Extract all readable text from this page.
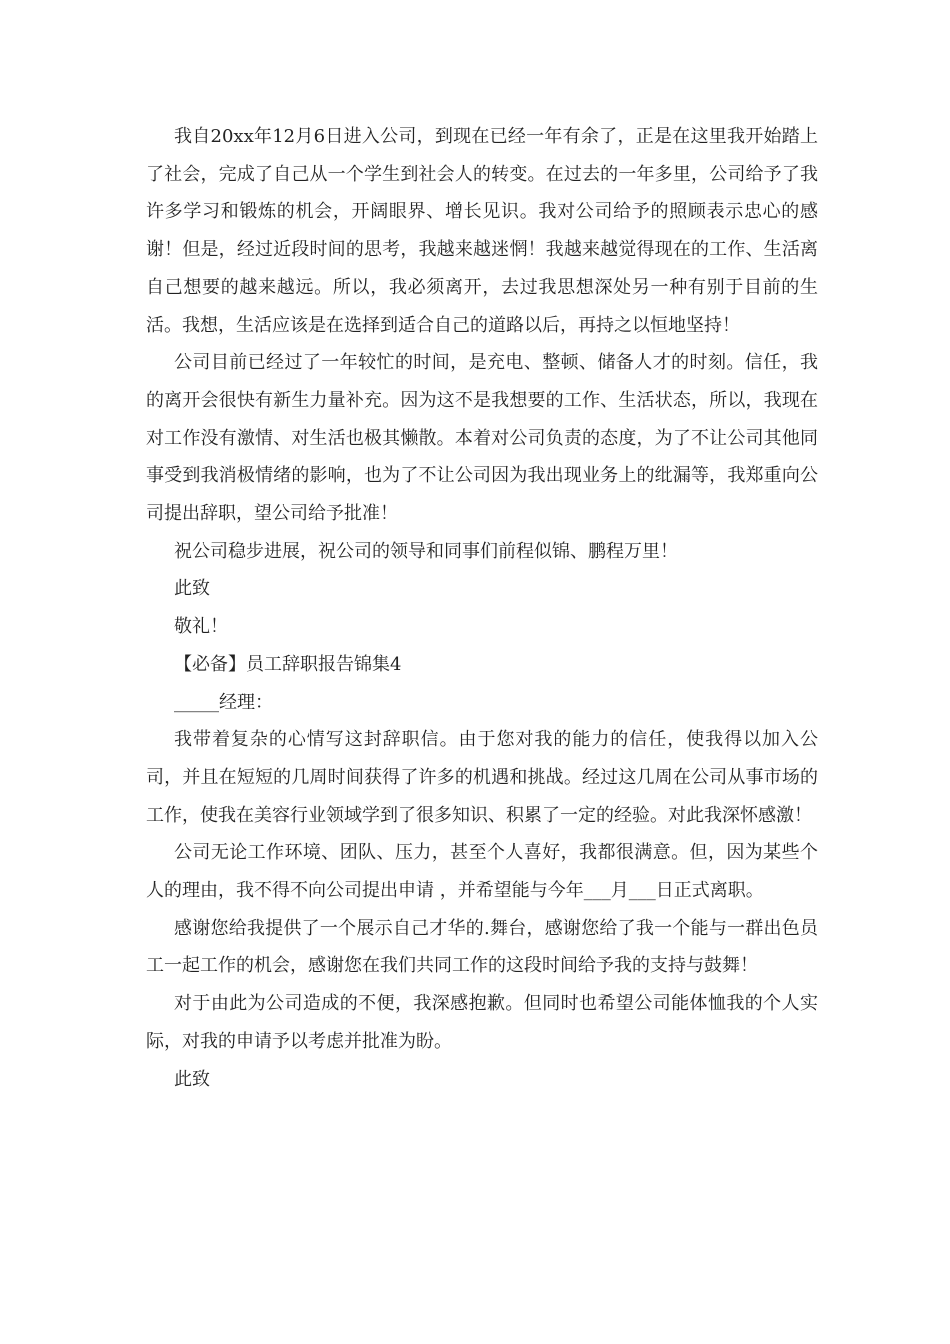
我自20xx年12月6日进入公司，到现在已经一年有余了，正是在这里我开始踏上了社会，完成了自己从一个学生到社会人的转变。在过去的一年多里，公司给予了我许多学习和锻炼的机会，开阔眼界、增长见识。我对公司给予的照顾表示忠心的感谢！但是，经过近段时间的思考，我越来越迷惘！我越来越觉得现在的工作、生活离自己想要的越来越远。所以，我必须离开，去过我思想深处另一种有别于目前的生活。我想，生活应该是在选择到适合自己的道路以后，再持之以恒地坚持！

公司目前已经过了一年较忙的时间，是充电、整顿、储备人才的时刻。信任，我的离开会很快有新生力量补充。因为这不是我想要的工作、生活状态，所以，我现在对工作没有激情、对生活也极其懒散。本着对公司负责的态度，为了不让公司其他同事受到我消极情绪的影响，也为了不让公司因为我出现业务上的纰漏等，我郑重向公司提出辞职，望公司给予批准！

祝公司稳步进展，祝公司的领导和同事们前程似锦、鹏程万里！

此致

敬礼！

【必备】员工辞职报告锦集4

_____经理：

我带着复杂的心情写这封辞职信。由于您对我的能力的信任，使我得以加入公司，并且在短短的几周时间获得了许多的机遇和挑战。经过这几周在公司从事市场的工作，使我在美容行业领域学到了很多知识、积累了一定的经验。对此我深怀感激！

公司无论工作环境、团队、压力，甚至个人喜好，我都很满意。但，因为某些个人的理由，我不得不向公司提出申请 ，并希望能与今年___月___日正式离职。

感谢您给我提供了一个展示自己才华的.舞台，感谢您给了我一个能与一群出色员工一起工作的机会，感谢您在我们共同工作的这段时间给予我的支持与鼓舞！

对于由此为公司造成的不便，我深感抱歉。但同时也希望公司能体恤我的个人实际，对我的申请予以考虑并批准为盼。

此致
